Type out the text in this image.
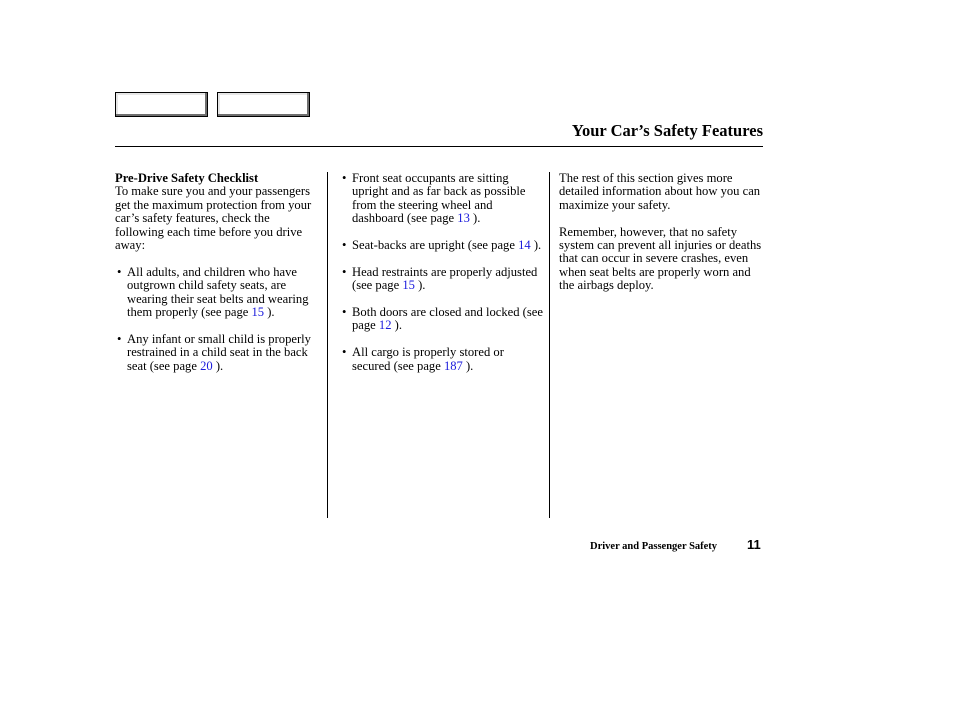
Your Car’s Safety Features
Pre-Drive Safety Checklist

To make sure you and your passengers get the maximum protection from your car’s safety features, check the following each time before you drive away:

• All adults, and children who have outgrown child safety seats, are wearing their seat belts and wearing them properly (see page 15 ).
• Any infant or small child is properly restrained in a child seat in the back seat (see page 20 ).
• Front seat occupants are sitting upright and as far back as possible from the steering wheel and dashboard (see page 13 ).
• Seat-backs are upright (see page 14 ).
• Head restraints are properly adjusted (see page 15 ).
• Both doors are closed and locked (see page 12 ).
• All cargo is properly stored or secured (see page 187 ).

The rest of this section gives more detailed information about how you can maximize your safety.

Remember, however, that no safety system can prevent all injuries or deaths that can occur in severe crashes, even when seat belts are properly worn and the airbags deploy.

Driver and Passenger Safety 11
